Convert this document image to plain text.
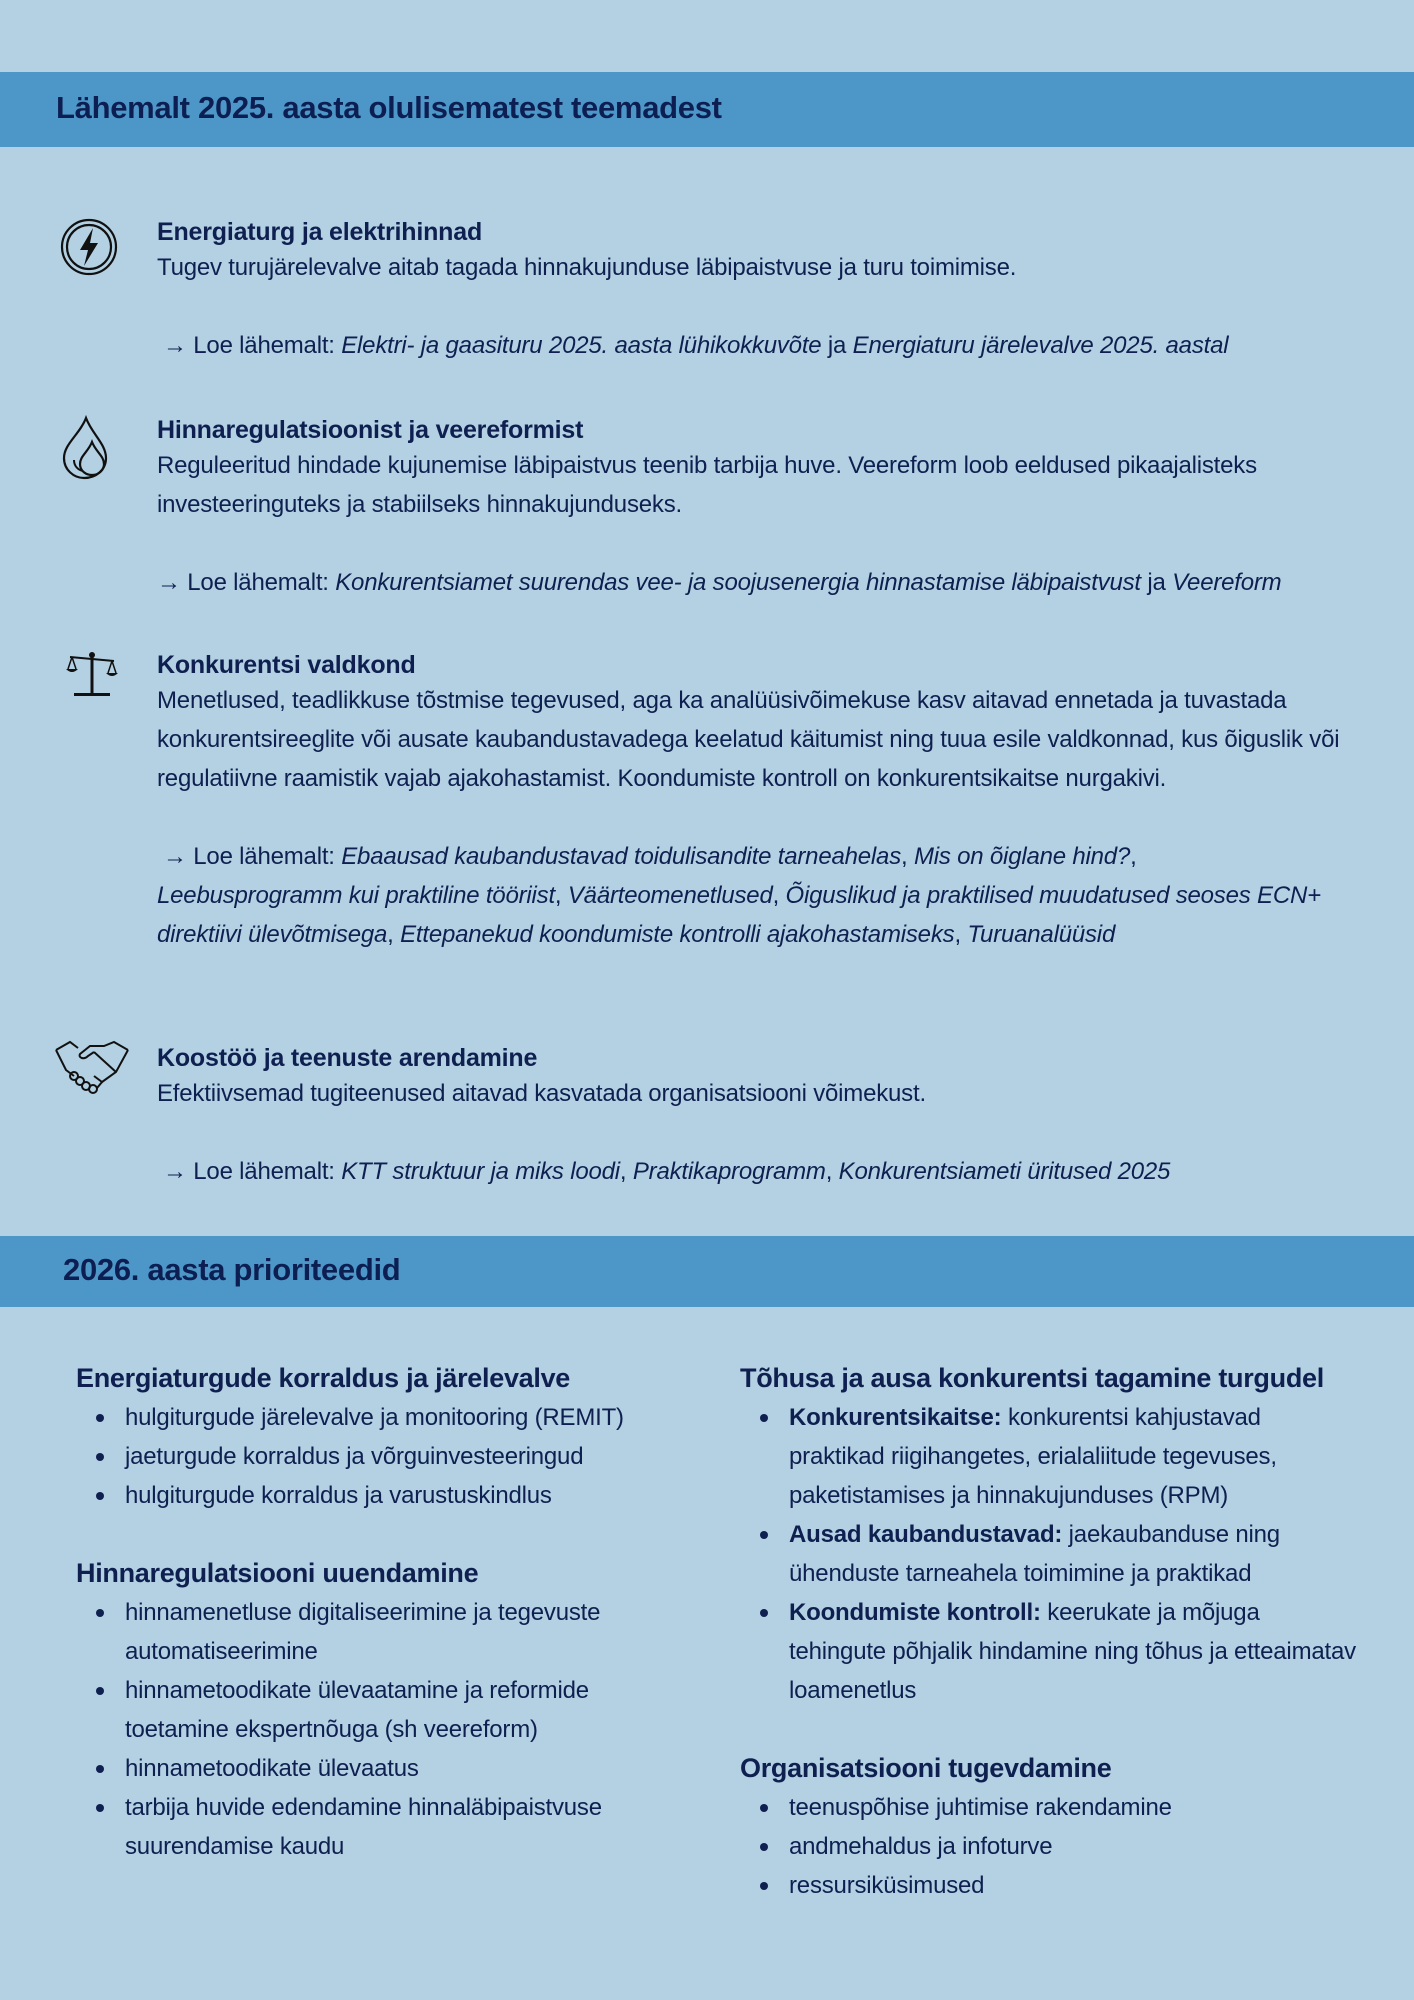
Lähemalt 2025. aasta olulisematest teemadest

Energiaturg ja elektrihinnad

Tugev turujärelevalve aitab tagada hinnakujunduse läbipaistvuse ja turu toimimise.

→ Loe lähemalt: Elektri- ja gaasituru 2025. aasta lühikokkuvõte ja Energiaturu järelevalve 2025. aastal

Hinnaregulatsioonist ja veereformist

Reguleeritud hindade kujunemise läbipaistvus teenib tarbija huve. Veereform loob eeldused pikaajalisteks investeeringuteks ja stabiilseks hinnakujunduseks.

→ Loe lähemalt: Konkurentsiamet suurendas vee- ja soojusenergia hinnastamise läbipaistvust ja Veereform

Konkurentsi valdkond

Menetlused, teadlikkuse tõstmise tegevused, aga ka analüüsivõimekuse kasv aitavad ennetada ja tuvastada konkurentsireeglite või ausate kaubandustavadega keelatud käitumist ning tuua esile valdkonnad, kus õiguslik või regulatiivne raamistik vajab ajakohastamist. Koondumiste kontroll on konkurentsikaitse nurgakivi.

→ Loe lähemalt: Ebaausad kaubandustavad toidulisandite tarneahelas, Mis on õiglane hind?,

Leebusprogramm kui praktiline tööriist, Väärteomenetlused, Õiguslikud ja praktilised muudatused seoses ECN+ direktiivi ülevõtmisega, Ettepanekud koondumiste kontrolli ajakohastamiseks, Turuanalüüsid

Koostöö ja teenuste arendamine

Efektiivsemad tugiteenused aitavad kasvatada organisatsiooni võimekust.

→ Loe lähemalt: KTT struktuur ja miks loodi, Praktikaprogramm, Konkurentsiameti üritused 2025

2026. aasta prioriteedid

Energiaturgude korraldus ja järelevalve

hulgiturgude järelevalve ja monitooring (REMIT)
jaeturgude korraldus ja võrguinvesteeringud
hulgiturgude korraldus ja varustuskindlus

Hinnaregulatsiooni uuendamine

hinnamenetluse digitaliseerimine ja tegevuste automatiseerimine
hinnametoodikate ülevaatamine ja reformide toetamine ekspertnõuga (sh veereform)
hinnametoodikate ülevaatus
tarbija huvide edendamine hinnaläbipaistvuse suurendamise kaudu

Tõhusa ja ausa konkurentsi tagamine turgudel

Konkurentsikaitse: konkurentsi kahjustavad praktikad riigihangetes, erialaliitude tegevuses, paketistamises ja hinnakujunduses (RPM)
Ausad kaubandustavad: jaekaubanduse ning ühenduste tarneahela toimimine ja praktikad
Koondumiste kontroll: keerukate ja mõjuga tehingute põhjalik hindamine ning tõhus ja etteaimatav loamenetlus

Organisatsiooni tugevdamine

teenuspõhise juhtimise rakendamine
andmehaldus ja infoturve
ressursiküsimused
